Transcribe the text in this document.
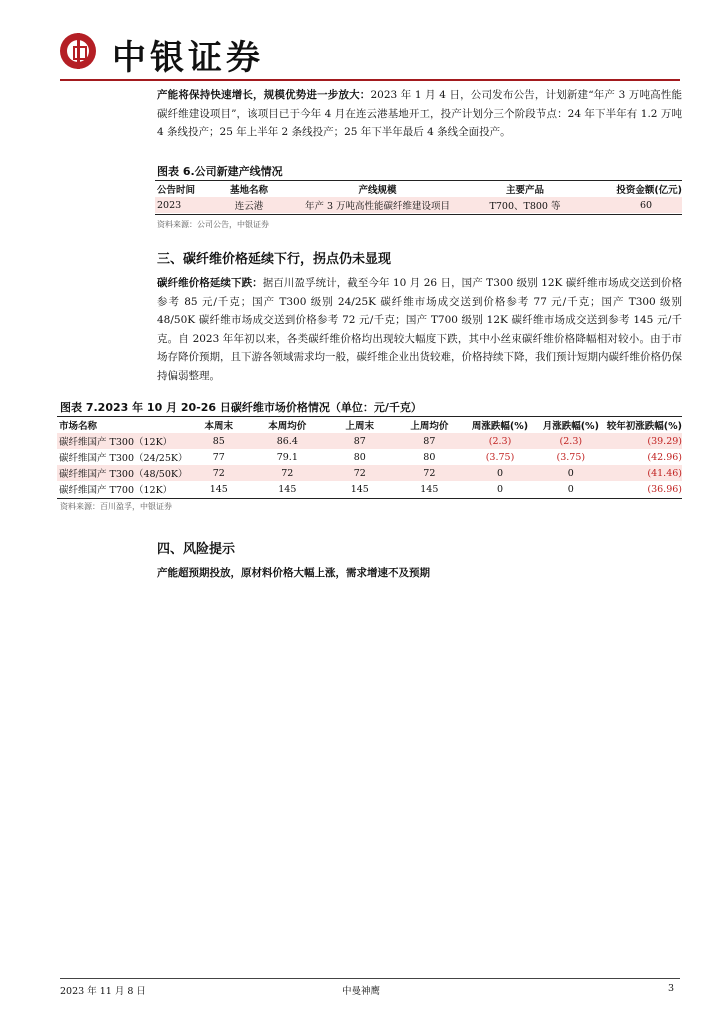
中银证券
产能将保持快速增长，规模优势进一步放大：2023 年 1 月 4 日，公司发布公告，计划新建“年产 3 万吨高性能碳纤维建设项目”，该项目已于今年 4 月在连云港基地开工，投产计划分三个阶段节点：24 年下半年有 1.2 万吨 4 条线投产；25 年上半年 2 条线投产；25 年下半年最后 4 条线全面投产。
图表 6.公司新建产线情况
公告时间	基地名称	产线规模	主要产品	投资金额(亿元)
2023	连云港	年产 3 万吨高性能碳纤维建设项目	T700、T800 等	60
资料来源：公司公告，中银证券
三、碳纤维价格延续下行，拐点仍未显现
碳纤维价格延续下跌：据百川盈孚统计，截至今年 10 月 26 日，国产 T300 级别 12K 碳纤维市场成交送到价格参考 85 元/千克；国产 T300 级别 24/25K 碳纤维市场成交送到价格参考 77 元/千克；国产 T300 级别 48/50K 碳纤维市场成交送到价格参考 72 元/千克；国产 T700 级别 12K 碳纤维市场成交送到参考 145 元/千克。自 2023 年年初以来，各类碳纤维价格均出现较大幅度下跌，其中小丝束碳纤维价格降幅相对较小。由于市场存降价预期，且下游各领域需求均一般，碳纤维企业出货较难，价格持续下降，我们预计短期内碳纤维价格仍保持偏弱整理。
图表 7.2023 年 10 月 20-26 日碳纤维市场价格情况（单位：元/千克）
市场名称	本周末	本周均价	上周末	上周均价	周涨跌幅(%)	月涨跌幅(%)	较年初涨跌幅(%)
碳纤维国产 T300（12K）	85	86.4	87	87	(2.3)	(2.3)	(39.29)
碳纤维国产 T300（24/25K）	77	79.1	80	80	(3.75)	(3.75)	(42.96)
碳纤维国产 T300（48/50K）	72	72	72	72	0	0	(41.46)
碳纤维国产 T700（12K）	145	145	145	145	0	0	(36.96)
资料来源：百川盈孚，中银证券
四、风险提示
产能超预期投放，原材料价格大幅上涨，需求增速不及预期
2023 年 11 月 8 日	中曼神鹰	3
